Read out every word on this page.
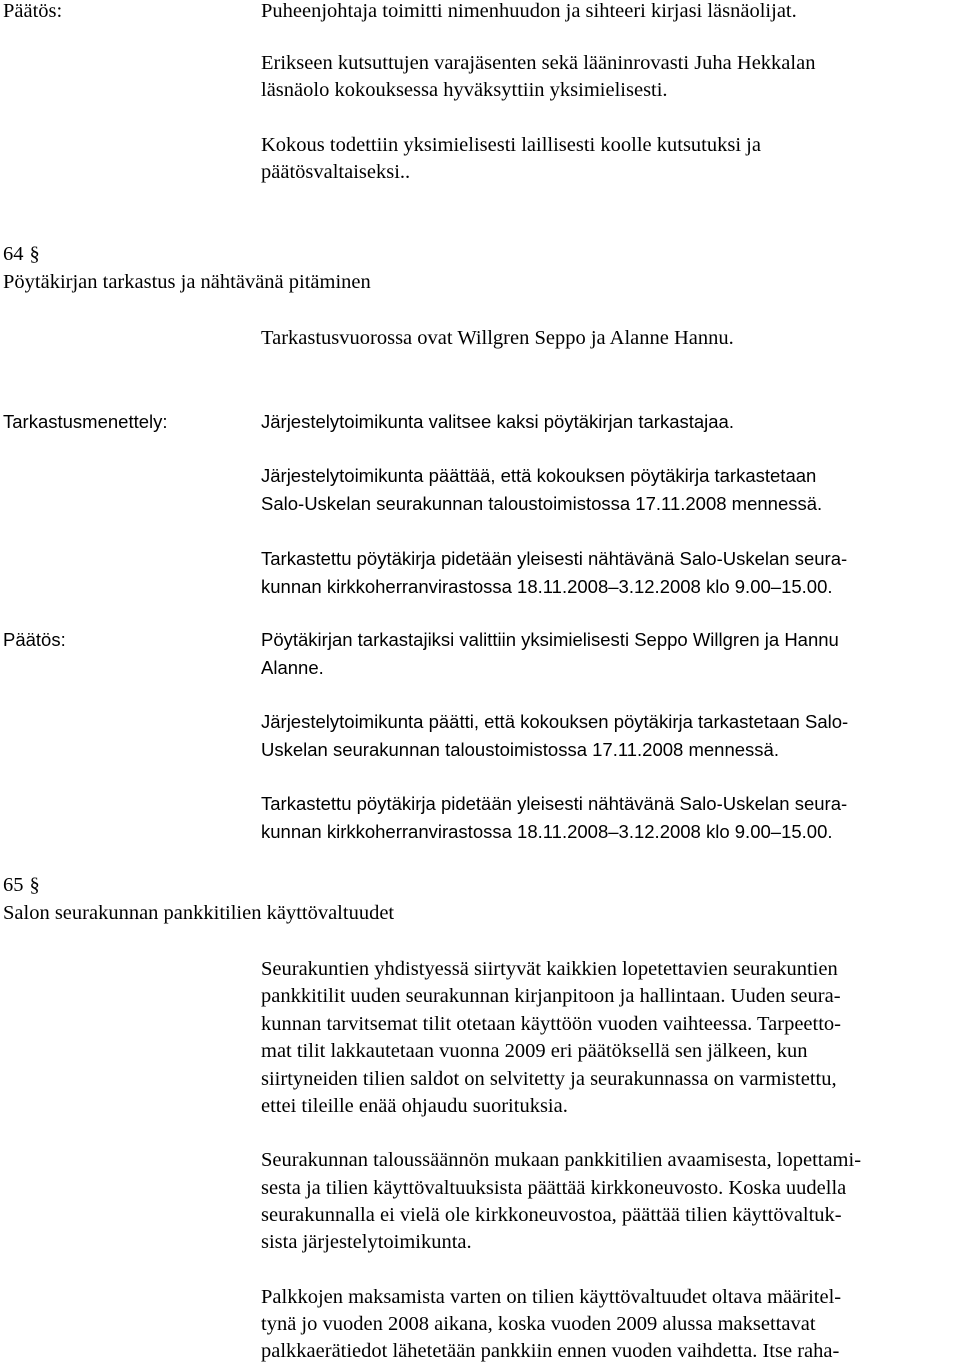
Päätös:	Puheenjohtaja toimitti nimenhuudon ja sihteeri kirjasi läsnäolijat.
Erikseen kutsuttujen varajäsenten sekä lääninrovasti Juha Hekkalan
läsnäolo kokouksessa hyväksyttiin yksimielisesti.
Kokous todettiin yksimielisesti laillisesti koolle kutsutuksi ja
päätösvaltaiseksi..
64 §
Pöytäkirjan tarkastus ja nähtävänä pitäminen
Tarkastusvuorossa ovat Willgren Seppo ja Alanne Hannu.
Tarkastusmenettely:	Järjestelytoimikunta valitsee kaksi pöytäkirjan tarkastajaa.
Järjestelytoimikunta päättää, että kokouksen pöytäkirja tarkastetaan
Salo-Uskelan seurakunnan taloustoimistossa 17.11.2008 mennessä.
Tarkastettu pöytäkirja pidetään yleisesti nähtävänä Salo-Uskelan seura-
kunnan kirkkoherranvirastossa 18.11.2008–3.12.2008 klo 9.00–15.00.
Päätös:	Pöytäkirjan tarkastajiksi valittiin yksimielisesti Seppo Willgren ja Hannu
Alanne.
Järjestelytoimikunta päätti, että kokouksen pöytäkirja tarkastetaan Salo-
Uskelan seurakunnan taloustoimistossa 17.11.2008 mennessä.
Tarkastettu pöytäkirja pidetään yleisesti nähtävänä Salo-Uskelan seura-
kunnan kirkkoherranvirastossa 18.11.2008–3.12.2008 klo 9.00–15.00.
65 §
Salon seurakunnan pankkitilien käyttövaltuudet
Seurakuntien yhdistyessä siirtyvät kaikkien lopetettavien seurakuntien
pankkitilit uuden seurakunnan kirjanpitoon ja hallintaan. Uuden seura-
kunnan tarvitsemat tilit otetaan käyttöön vuoden vaihteessa. Tarpeetto-
mat tilit lakkautetaan vuonna 2009 eri päätöksellä sen jälkeen, kun
siirtyneiden tilien saldot on selvitetty ja seurakunnassa on varmistettu,
ettei tileille enää ohjaudu suorituksia.
Seurakunnan taloussäännön mukaan pankkitilien avaamisesta, lopettami-
sesta ja tilien käyttövaltuuksista päättää kirkkoneuvosto. Koska uudella
seurakunnalla ei vielä ole kirkkoneuvostoa, päättää tilien käyttövaltuk-
sista järjestelytoimikunta.
Palkkojen maksamista varten on tilien käyttövaltuudet oltava määritel-
tynä jo vuoden 2008 aikana, koska vuoden 2009 alussa maksettavat
palkkaerätiedot lähetetään pankkiin ennen vuoden vaihdetta. Itse raha-
